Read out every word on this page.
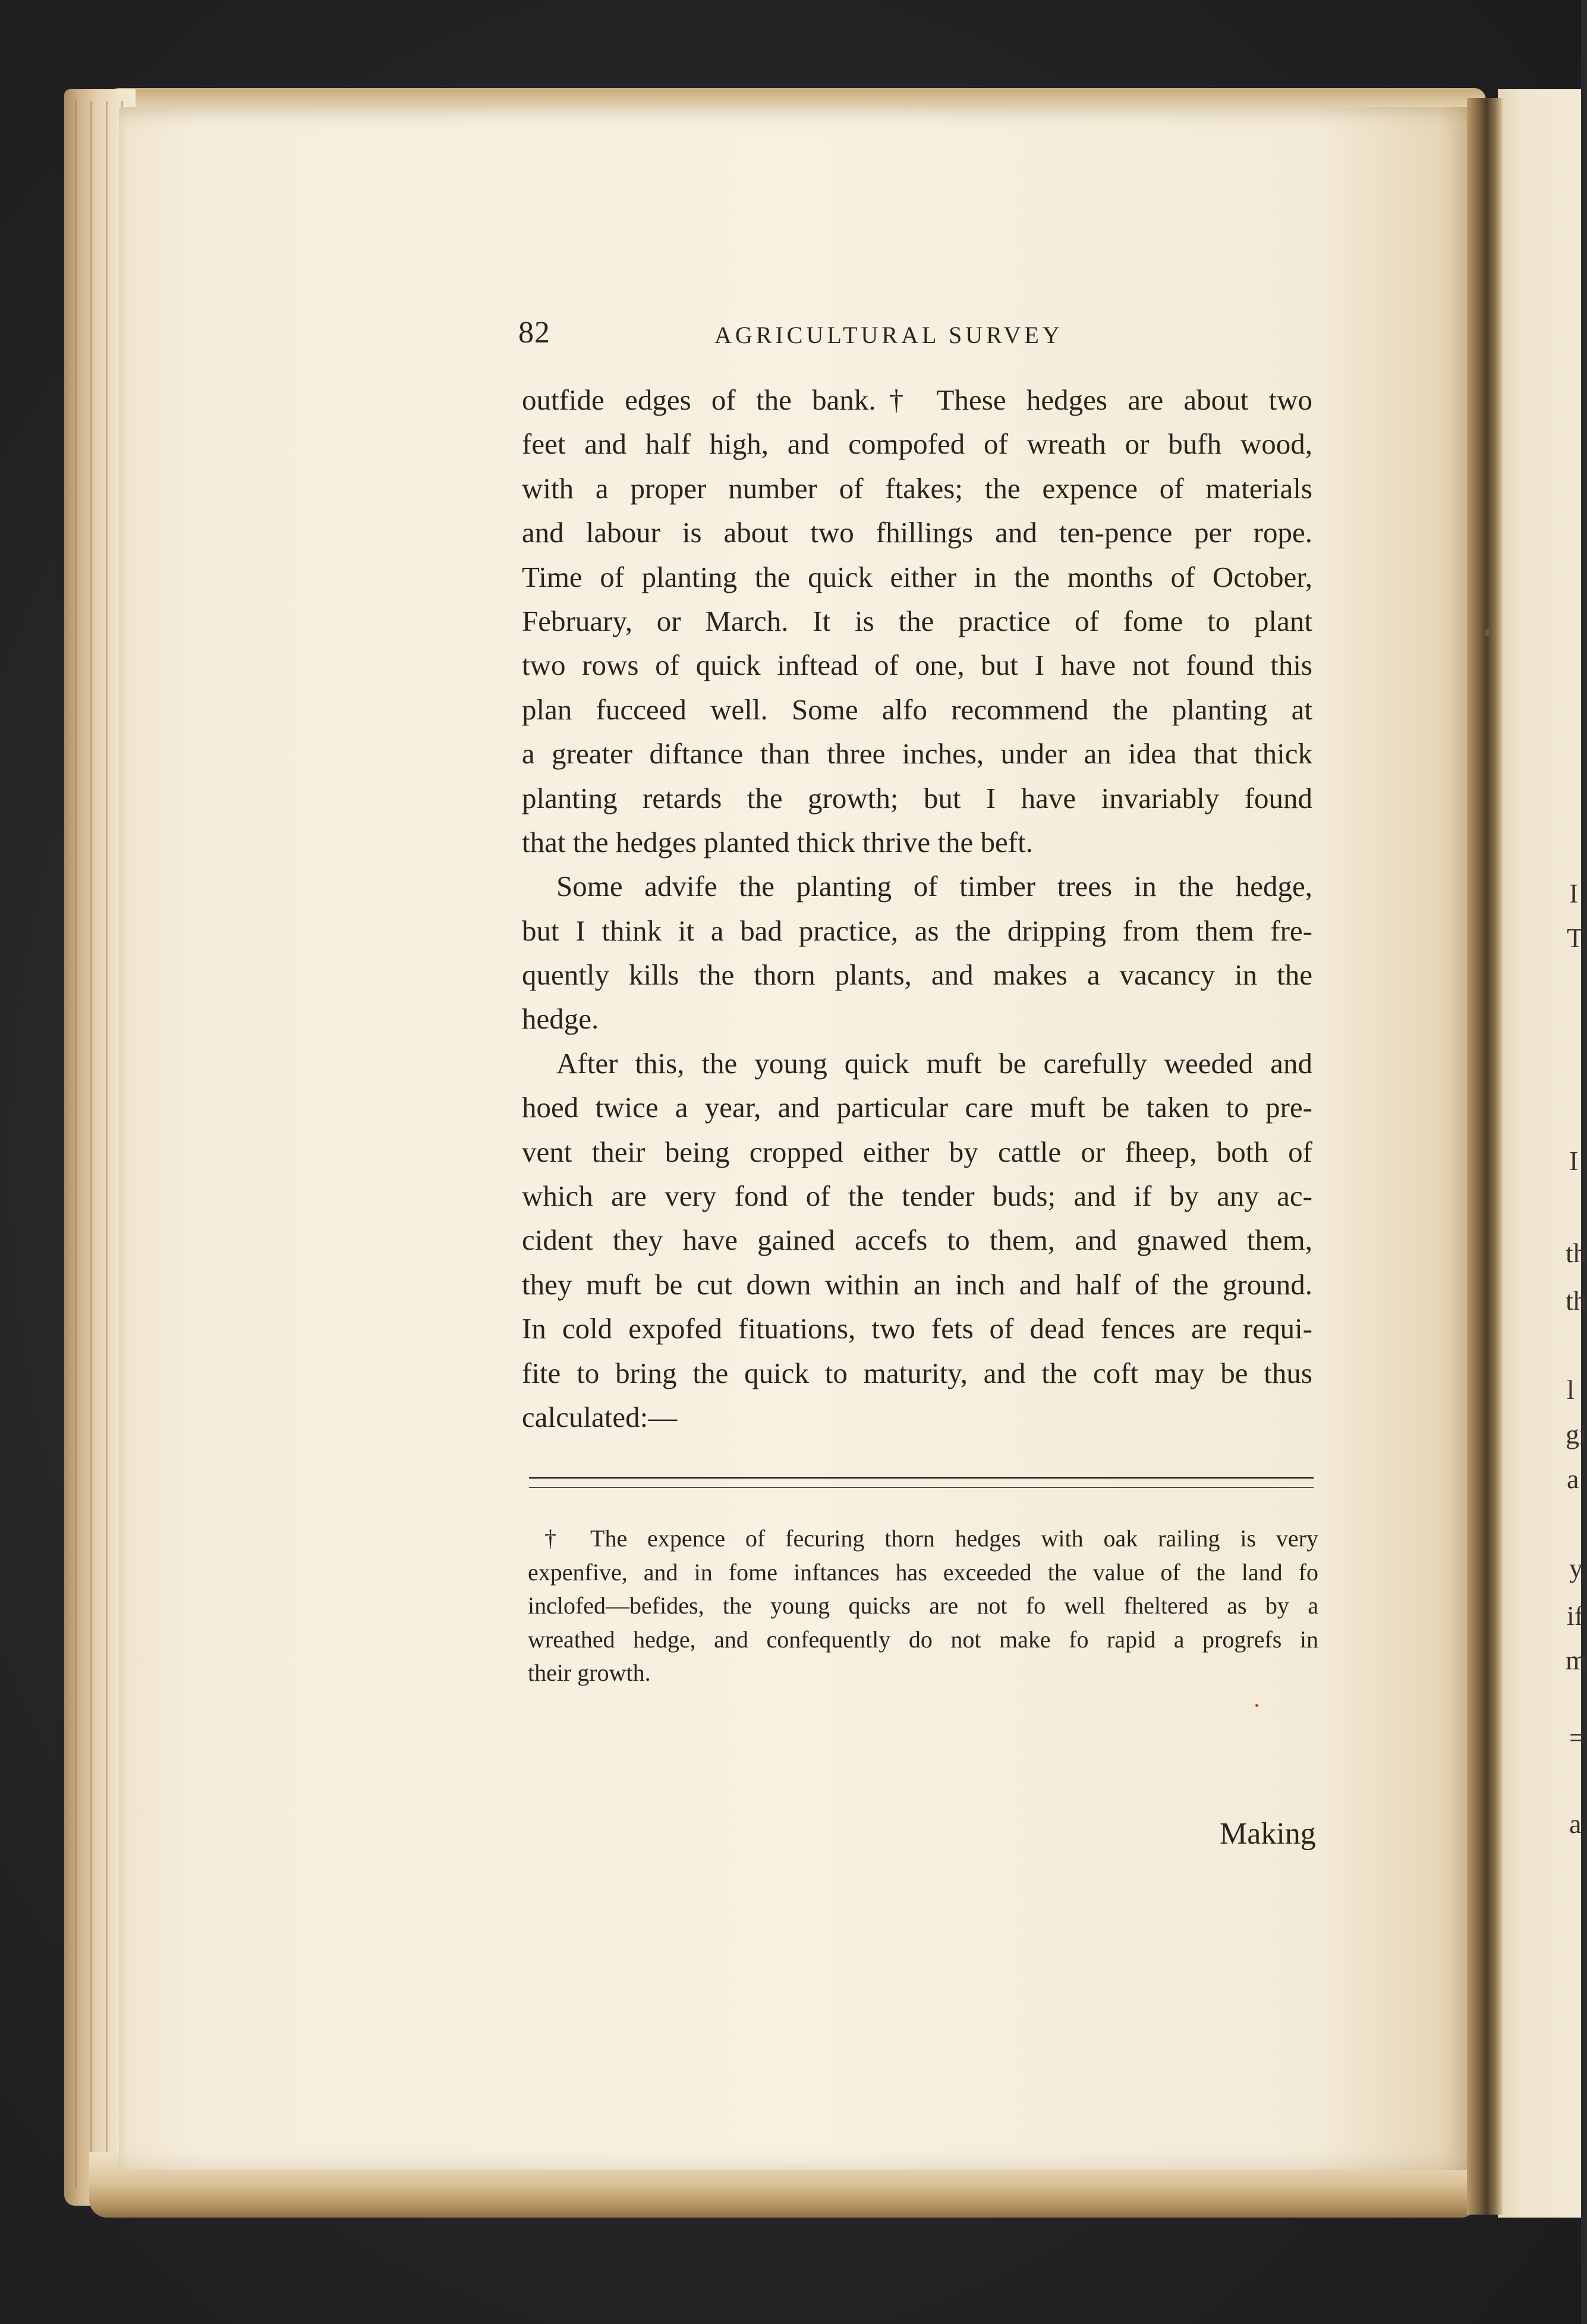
I
T
I
th
th
l
gi
a
y
if
m
=
a
82	AGRICULTURAL SURVEY
outfide edges of the bank.† These hedges are about two
feet and half high, and compofed of wreath or bufh wood,
with a proper number of ftakes; the expence of materials
and labour is about two fhillings and ten-pence per rope.
Time of planting the quick either in the months of October,
February, or March. It is the practice of fome to plant
two rows of quick inftead of one, but I have not found this
plan fucceed well. Some alfo recommend the planting at
a greater diftance than three inches, under an idea that thick
planting retards the growth; but I have invariably found
that the hedges planted thick thrive the beft.
Some advife the planting of timber trees in the hedge,
but I think it a bad practice, as the dripping from them fre-
quently kills the thorn plants, and makes a vacancy in the
hedge.
After this, the young quick muft be carefully weeded and
hoed twice a year, and particular care muft be taken to pre-
vent their being cropped either by cattle or fheep, both of
which are very fond of the tender buds; and if by any ac-
cident they have gained accefs to them, and gnawed them,
they muft be cut down within an inch and half of the ground.
In cold expofed fituations, two fets of dead fences are requi-
fite to bring the quick to maturity, and the coft may be thus
calculated:—
† The expence of fecuring thorn hedges with oak railing is very
expenfive, and in fome inftances has exceeded the value of the land fo
inclofed—befides, the young quicks are not fo well fheltered as by a
wreathed hedge, and confequently do not make fo rapid a progrefs in
their growth.
Making
